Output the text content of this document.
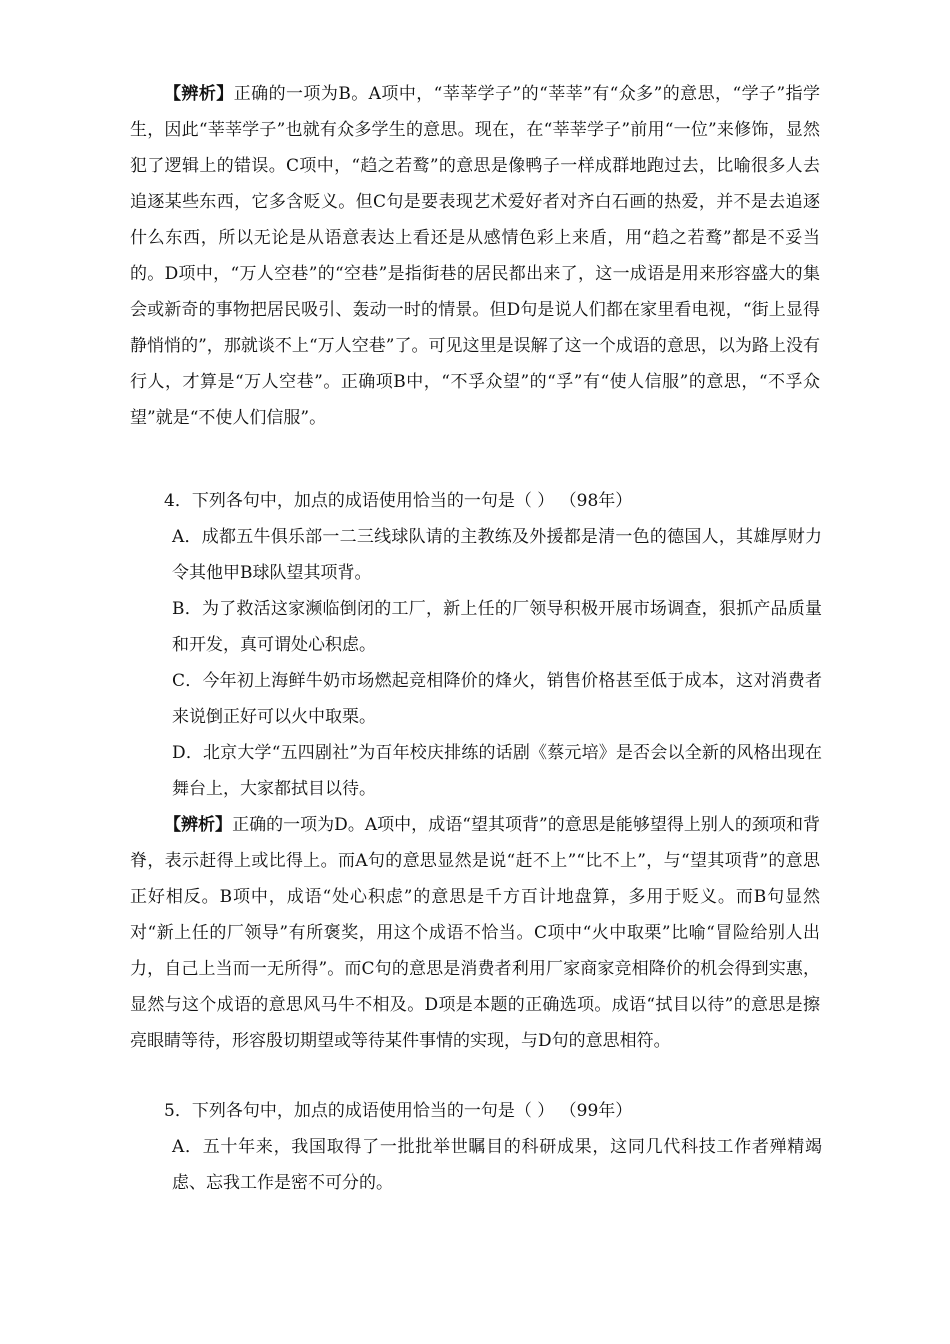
【辨析】正确的一项为B。A项中，“莘莘学子”的“莘莘”有“众多”的意思，“学子”指学生，因此“莘莘学子”也就有众多学生的意思。现在，在“莘莘学子”前用“一位”来修饰，显然犯了逻辑上的错误。C项中，“趋之若鹜”的意思是像鸭子一样成群地跑过去，比喻很多人去追逐某些东西，它多含贬义。但C句是要表现艺术爱好者对齐白石画的热爱，并不是去追逐什么东西，所以无论是从语意表达上看还是从感情色彩上来盾，用“趋之若鹜”都是不妥当的。D项中，“万人空巷”的“空巷”是指街巷的居民都出来了，这一成语是用来形容盛大的集会或新奇的事物把居民吸引、轰动一时的情景。但D句是说人们都在家里看电视，“街上显得静悄悄的”，那就谈不上“万人空巷”了。可见这里是误解了这一个成语的意思，以为路上没有行人，才算是“万人空巷”。正确项B中，“不孚众望”的“孚”有“使人信服”的意思，“不孚众望”就是“不使人们信服”。
4．下列各句中，加点的成语使用恰当的一句是（ ） （98年）
A．成都五牛俱乐部一二三线球队请的主教练及外援都是清一色的德国人，其雄厚财力令其他甲B球队望其项背。
B．为了救活这家濒临倒闭的工厂，新上任的厂领导积极开展市场调查，狠抓产品质量和开发，真可谓处心积虑。
C．今年初上海鲜牛奶市场燃起竞相降价的烽火，销售价格甚至低于成本，这对消费者来说倒正好可以火中取栗。
D．北京大学“五四剧社”为百年校庆排练的话剧《蔡元培》是否会以全新的风格出现在舞台上，大家都拭目以待。
【辨析】正确的一项为D。A项中，成语“望其项背”的意思是能够望得上别人的颈项和背脊，表示赶得上或比得上。而A句的意思显然是说“赶不上”“比不上”，与“望其项背”的意思正好相反。B项中，成语“处心积虑”的意思是千方百计地盘算，多用于贬义。而B句显然对“新上任的厂领导”有所褒奖，用这个成语不恰当。C项中“火中取栗”比喻“冒险给别人出力，自己上当而一无所得”。而C句的意思是消费者利用厂家商家竞相降价的机会得到实惠，显然与这个成语的意思风马牛不相及。D项是本题的正确选项。成语“拭目以待”的意思是擦亮眼睛等待，形容殷切期望或等待某件事情的实现，与D句的意思相符。
5．下列各句中，加点的成语使用恰当的一句是（ ） （99年）
A．五十年来，我国取得了一批批举世瞩目的科研成果，这同几代科技工作者殚精竭虑、忘我工作是密不可分的。
